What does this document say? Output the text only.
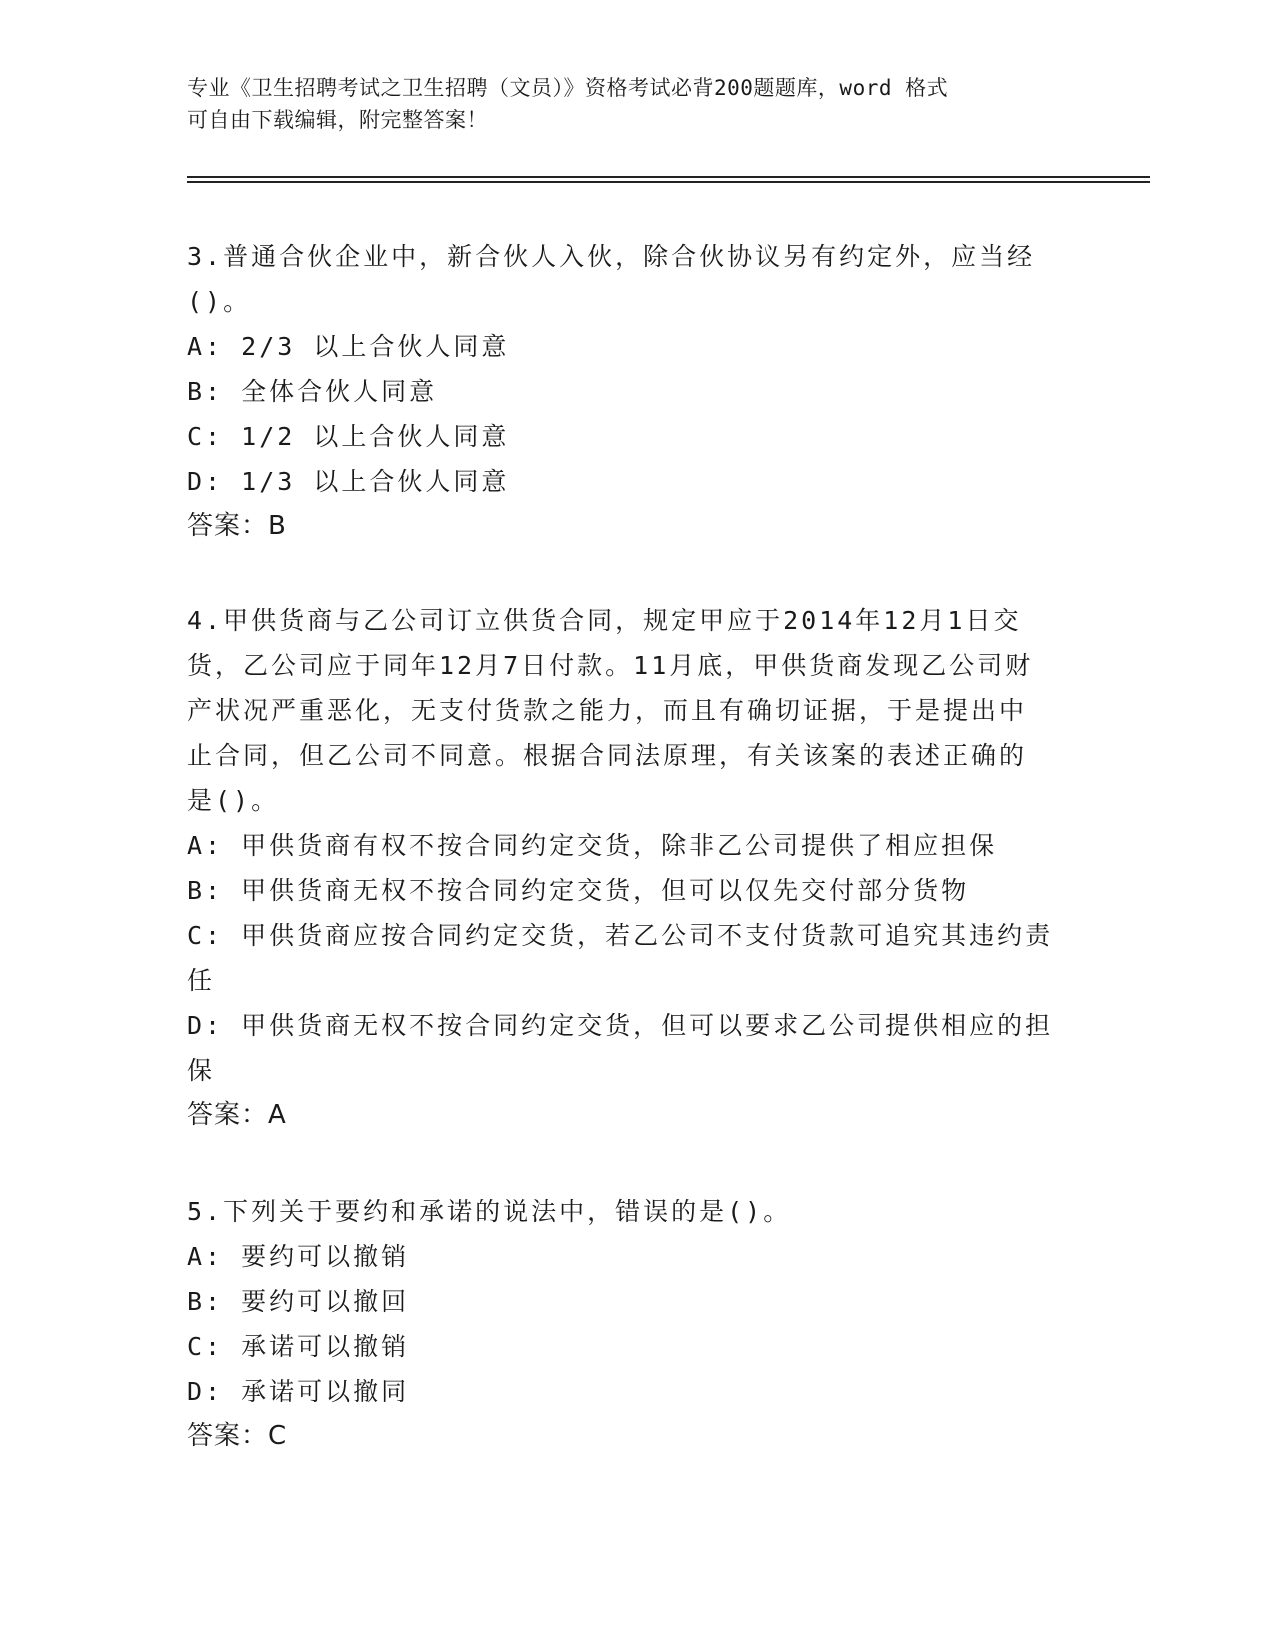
专业《卫生招聘考试之卫生招聘（文员）》资格考试必背200题题库，word 格式
可自由下载编辑，附完整答案！
3.普通合伙企业中，新合伙人入伙，除合伙协议另有约定外，应当经
()。
A: 2/3 以上合伙人同意
B: 全体合伙人同意
C: 1/2 以上合伙人同意
D: 1/3 以上合伙人同意
答案：B
4.甲供货商与乙公司订立供货合同，规定甲应于2014年12月1日交
货，乙公司应于同年12月7日付款。11月底，甲供货商发现乙公司财
产状况严重恶化，无支付货款之能力，而且有确切证据，于是提出中
止合同，但乙公司不同意。根据合同法原理，有关该案的表述正确的
是()。
A: 甲供货商有权不按合同约定交货，除非乙公司提供了相应担保
B: 甲供货商无权不按合同约定交货，但可以仅先交付部分货物
C: 甲供货商应按合同约定交货，若乙公司不支付货款可追究其违约责
任
D: 甲供货商无权不按合同约定交货，但可以要求乙公司提供相应的担
保
答案：A
5.下列关于要约和承诺的说法中，错误的是()。
A: 要约可以撤销
B: 要约可以撤回
C: 承诺可以撤销
D: 承诺可以撤同
答案：C
